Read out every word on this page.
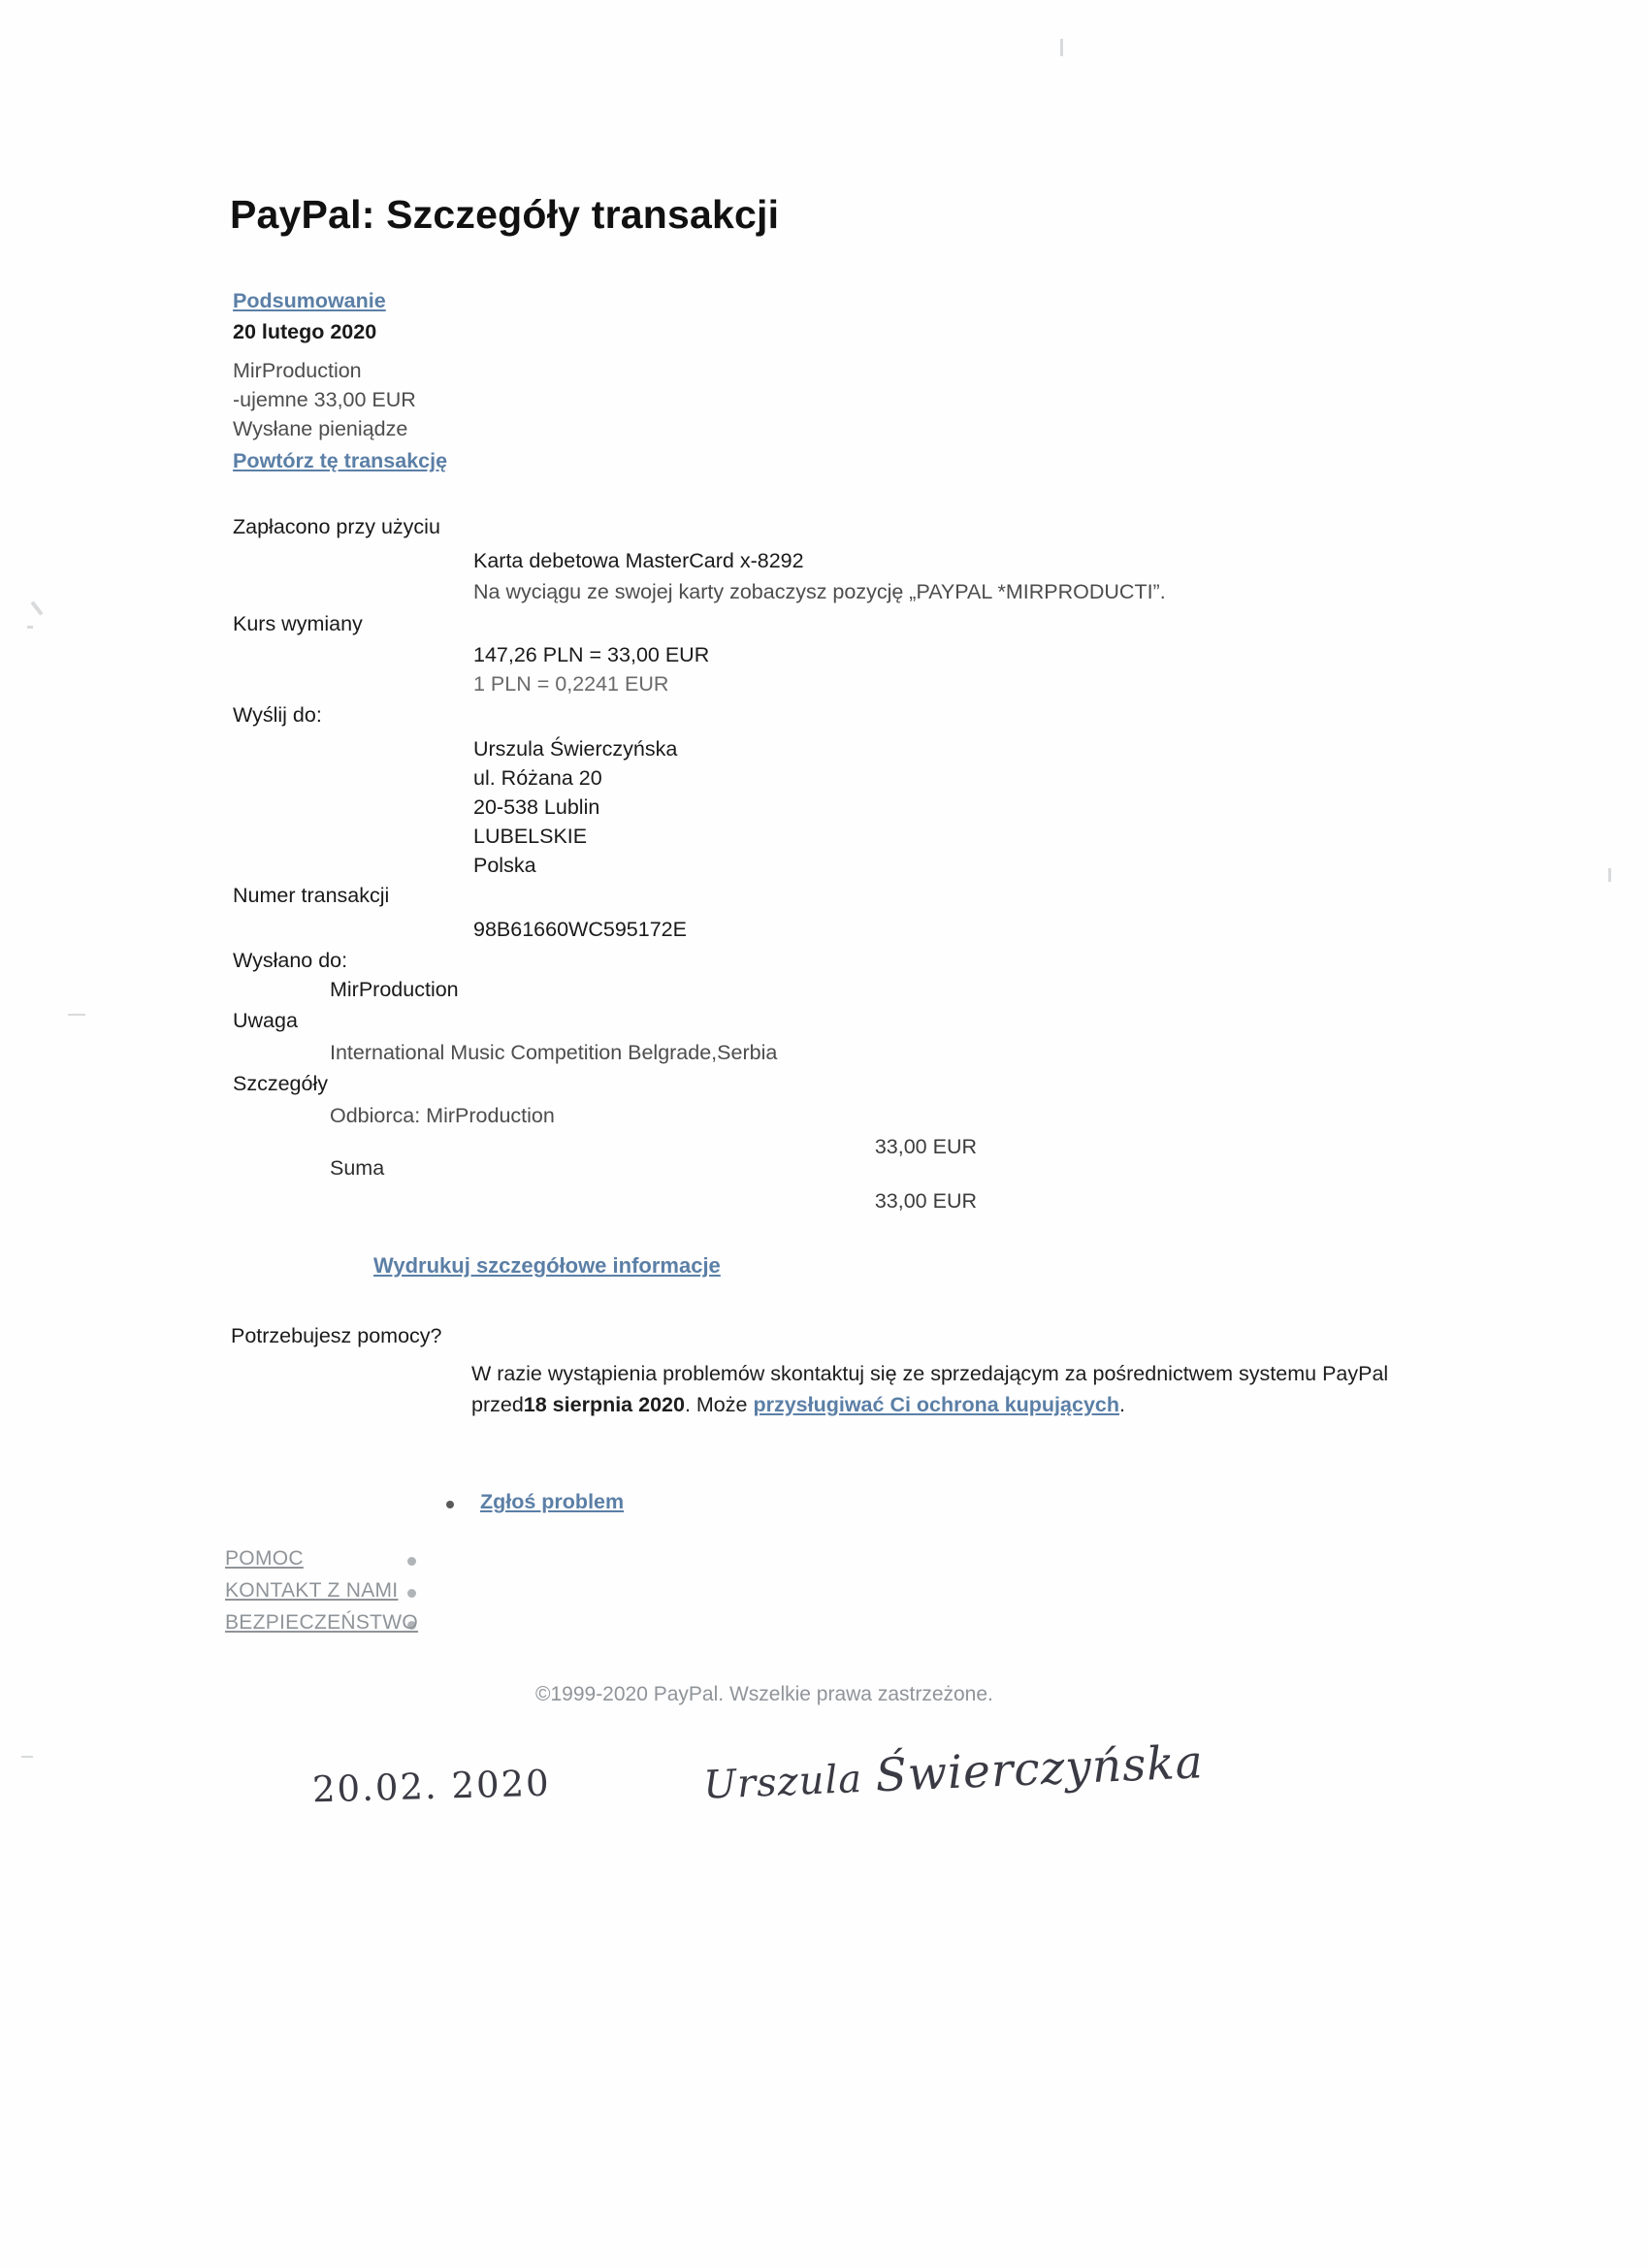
PayPal: Szczegóły transakcji
Podsumowanie
20 lutego 2020
MirProduction
-ujemne 33,00 EUR
Wysłane pieniądze
Powtórz tę transakcję
Zapłacono przy użyciu
Karta debetowa MasterCard x-8292
Na wyciągu ze swojej karty zobaczysz pozycję „PAYPAL *MIRPRODUCTI”.
Kurs wymiany
147,26 PLN = 33,00 EUR
1 PLN = 0,2241 EUR
Wyślij do:
Urszula Świerczyńska
ul. Różana 20
20-538 Lublin
LUBELSKIE
Polska
Numer transakcji
98B61660WC595172E
Wysłano do:
MirProduction
Uwaga
International Music Competition Belgrade,Serbia
Szczegóły
Odbiorca: MirProduction
33,00 EUR
Suma
33,00 EUR
Wydrukuj szczegółowe informacje
Potrzebujesz pomocy?
W razie wystąpienia problemów skontaktuj się ze sprzedającym za pośrednictwem systemu PayPal przed18 sierpnia 2020. Może przysługiwać Ci ochrona kupujących.
Zgłoś problem
POMOC
KONTAKT Z NAMI
BEZPIECZEŃSTWO
©1999-2020 PayPal. Wszelkie prawa zastrzeżone.
20.02. 2020	Urszula Świerczyńska
